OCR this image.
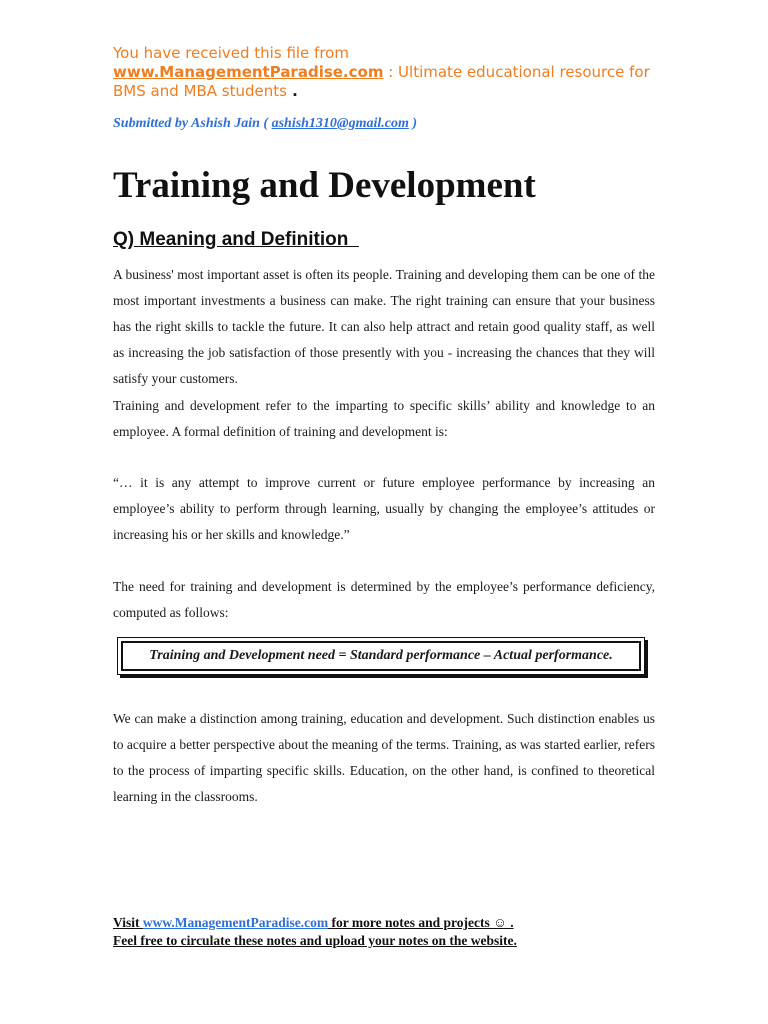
You have received this file from
www.ManagementParadise.com : Ultimate educational resource for BMS and MBA students .
Submitted by Ashish Jain ( ashish1310@gmail.com )
Training and Development
Q) Meaning and Definition

A business' most important asset is often its people. Training and developing them can be one of the most important investments a business can make. The right training can ensure that your business has the right skills to tackle the future. It can also help attract and retain good quality staff, as well as increasing the job satisfaction of those presently with you - increasing the chances that they will satisfy your customers.

Training and development refer to the imparting to specific skills’ ability and knowledge to an employee. A formal definition of training and development is:

“… it is any attempt to improve current or future employee performance by increasing an employee’s ability to perform through learning, usually by changing the employee’s attitudes or increasing his or her skills and knowledge.”

The need for training and development is determined by the employee’s performance deficiency, computed as follows:

Training and Development need = Standard performance – Actual performance.

We can make a distinction among training, education and development. Such distinction enables us to acquire a better perspective about the meaning of the terms. Training, as was started earlier, refers to the process of imparting specific skills. Education, on the other hand, is confined to theoretical learning in the classrooms.

Visit www.ManagementParadise.com for more notes and projects ☺ .
Feel free to circulate these notes and upload your notes on the website.
